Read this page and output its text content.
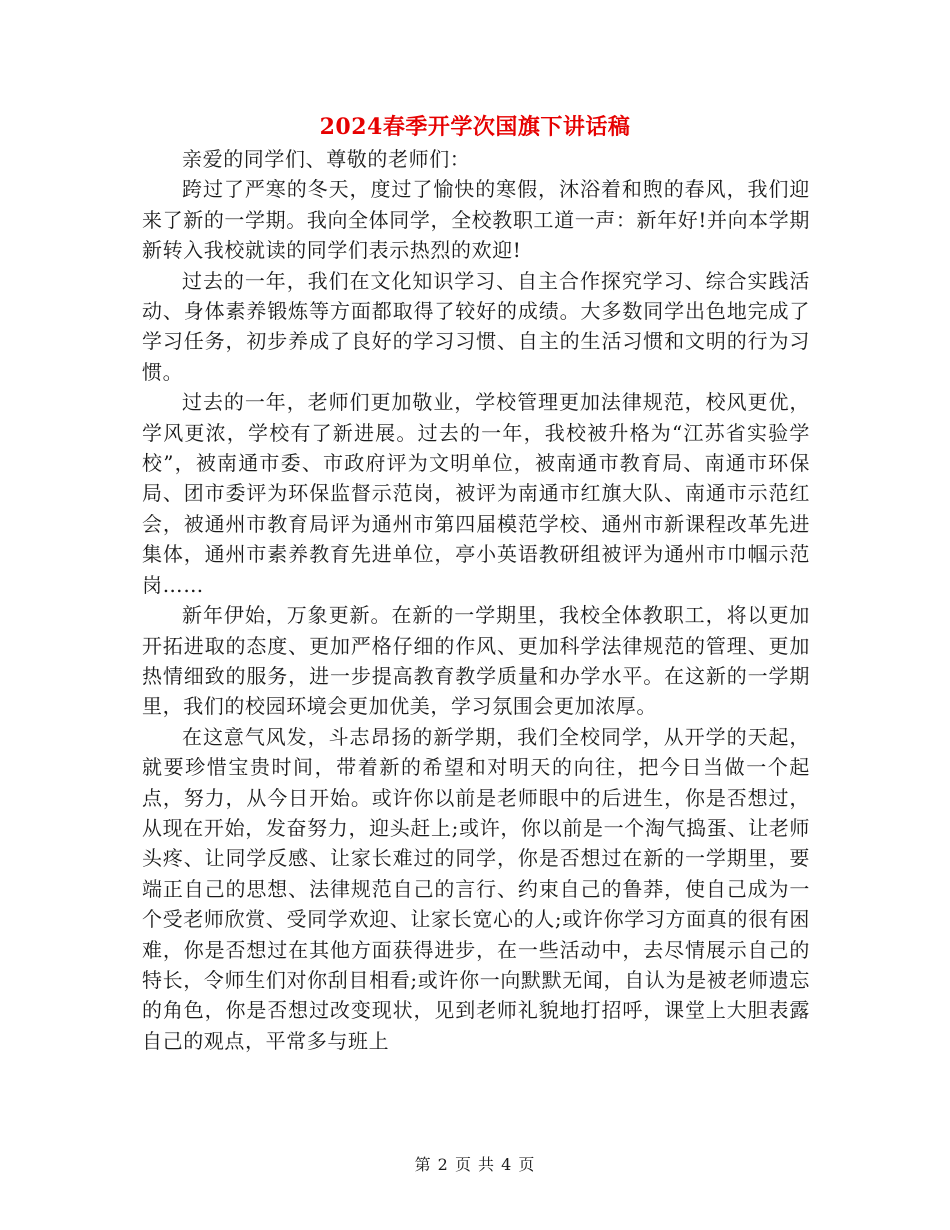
2024春季开学次国旗下讲话稿

亲爱的同学们、尊敬的老师们：

跨过了严寒的冬天，度过了愉快的寒假，沐浴着和煦的春风，我们迎来了新的一学期。我向全体同学，全校教职工道一声：新年好!并向本学期新转入我校就读的同学们表示热烈的欢迎!

过去的一年，我们在文化知识学习、自主合作探究学习、综合实践活动、身体素养锻炼等方面都取得了较好的成绩。大多数同学出色地完成了学习任务，初步养成了良好的学习习惯、自主的生活习惯和文明的行为习惯。

过去的一年，老师们更加敬业，学校管理更加法律规范，校风更优，学风更浓，学校有了新进展。过去的一年，我校被升格为“江苏省实验学校”，被南通市委、市政府评为文明单位，被南通市教育局、南通市环保局、团市委评为环保监督示范岗，被评为南通市红旗大队、南通市示范红会，被通州市教育局评为通州市第四届模范学校、通州市新课程改革先进集体，通州市素养教育先进单位，亭小英语教研组被评为通州市巾帼示范岗……

新年伊始，万象更新。在新的一学期里，我校全体教职工，将以更加开拓进取的态度、更加严格仔细的作风、更加科学法律规范的管理、更加热情细致的服务，进一步提高教育教学质量和办学水平。在这新的一学期里，我们的校园环境会更加优美，学习氛围会更加浓厚。

在这意气风发，斗志昂扬的新学期，我们全校同学，从开学的天起，就要珍惜宝贵时间，带着新的希望和对明天的向往，把今日当做一个起点，努力，从今日开始。或许你以前是老师眼中的后进生，你是否想过，从现在开始，发奋努力，迎头赶上;或许，你以前是一个淘气捣蛋、让老师头疼、让同学反感、让家长难过的同学，你是否想过在新的一学期里，要端正自己的思想、法律规范自己的言行、约束自己的鲁莽，使自己成为一个受老师欣赏、受同学欢迎、让家长宽心的人;或许你学习方面真的很有困难，你是否想过在其他方面获得进步，在一些活动中，去尽情展示自己的特长，令师生们对你刮目相看;或许你一向默默无闻，自认为是被老师遗忘的角色，你是否想过改变现状，见到老师礼貌地打招呼，课堂上大胆表露自己的观点，平常多与班上

第 2 页 共 4 页
